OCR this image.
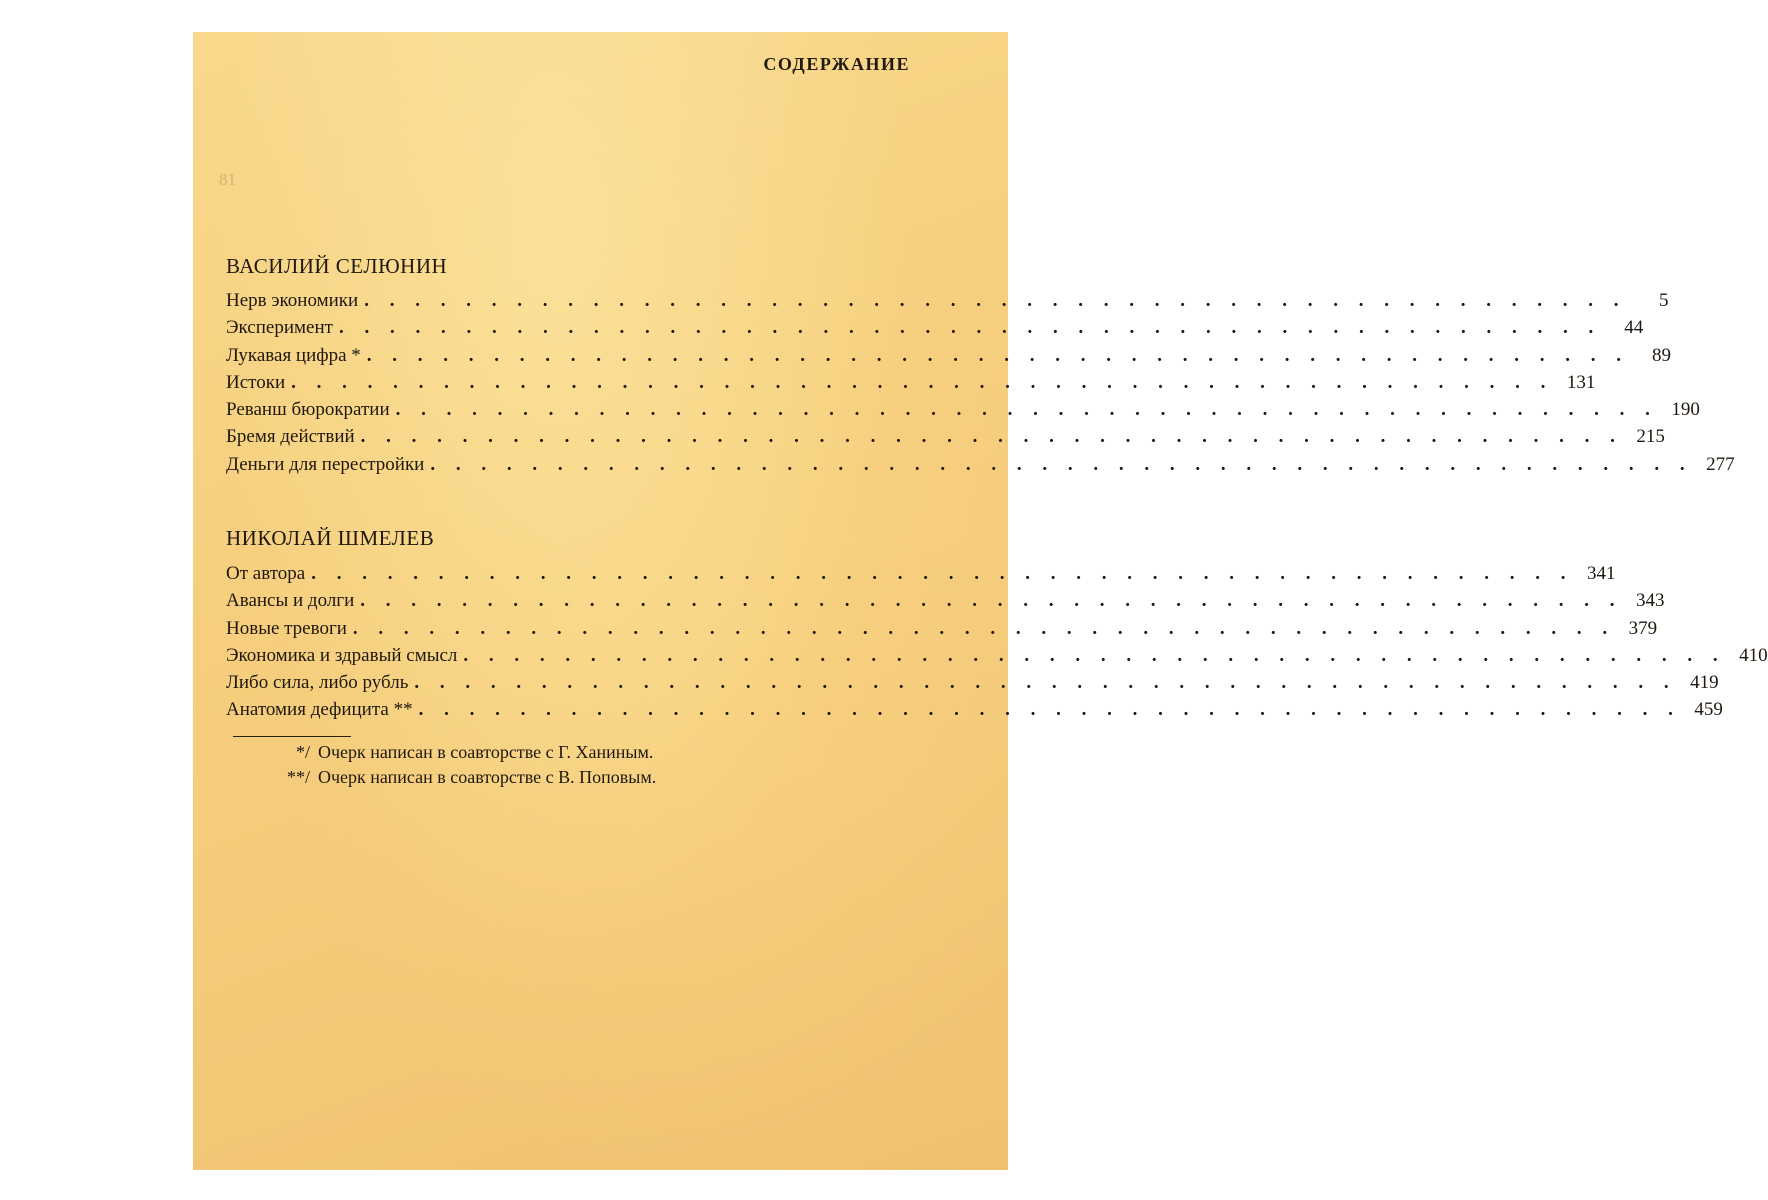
СОДЕРЖАНИЕ
81
ВАСИЛИЙ СЕЛЮНИН
Нерв экономики . . . . . . . . . . . . . . . . . . . . . . . . . . . . . . . . . . . . . . . . . . . . . . . . . .	5
Эксперимент . . . . . . . . . . . . . . . . . . . . . . . . . . . . . . . . . . . . . . . . . . . . . . . . . .	44
Лукавая цифра * . . . . . . . . . . . . . . . . . . . . . . . . . . . . . . . . . . . . . . . . . . . . . . . . . .	89
Истоки . . . . . . . . . . . . . . . . . . . . . . . . . . . . . . . . . . . . . . . . . . . . . . . . . . 131
Реванш бюрократии . . . . . . . . . . . . . . . . . . . . . . . . . . . . . . . . . . . . . . . . . . . . . . . . . . 190
Бремя действий . . . . . . . . . . . . . . . . . . . . . . . . . . . . . . . . . . . . . . . . . . . . . . . . . . 215
Деньги для перестройки . . . . . . . . . . . . . . . . . . . . . . . . . . . . . . . . . . . . . . . . . . . . . . . . . . 277
НИКОЛАЙ ШМЕЛЕВ
От автора . . . . . . . . . . . . . . . . . . . . . . . . . . . . . . . . . . . . . . . . . . . . . . . . . . 341
Авансы и долги . . . . . . . . . . . . . . . . . . . . . . . . . . . . . . . . . . . . . . . . . . . . . . . . . . 343
Новые тревоги . . . . . . . . . . . . . . . . . . . . . . . . . . . . . . . . . . . . . . . . . . . . . . . . . . 379
Экономика и здравый смысл . . . . . . . . . . . . . . . . . . . . . . . . . . . . . . . . . . . . . . . . . . . . . . . . . . 410
Либо сила, либо рубль . . . . . . . . . . . . . . . . . . . . . . . . . . . . . . . . . . . . . . . . . . . . . . . . . . 419
Анатомия дефицита ** . . . . . . . . . . . . . . . . . . . . . . . . . . . . . . . . . . . . . . . . . . . . . . . . . . 459
*/ Очерк написан в соавторстве с Г. Ханиным.
**/ Очерк написан в соавторстве с В. Поповым.
